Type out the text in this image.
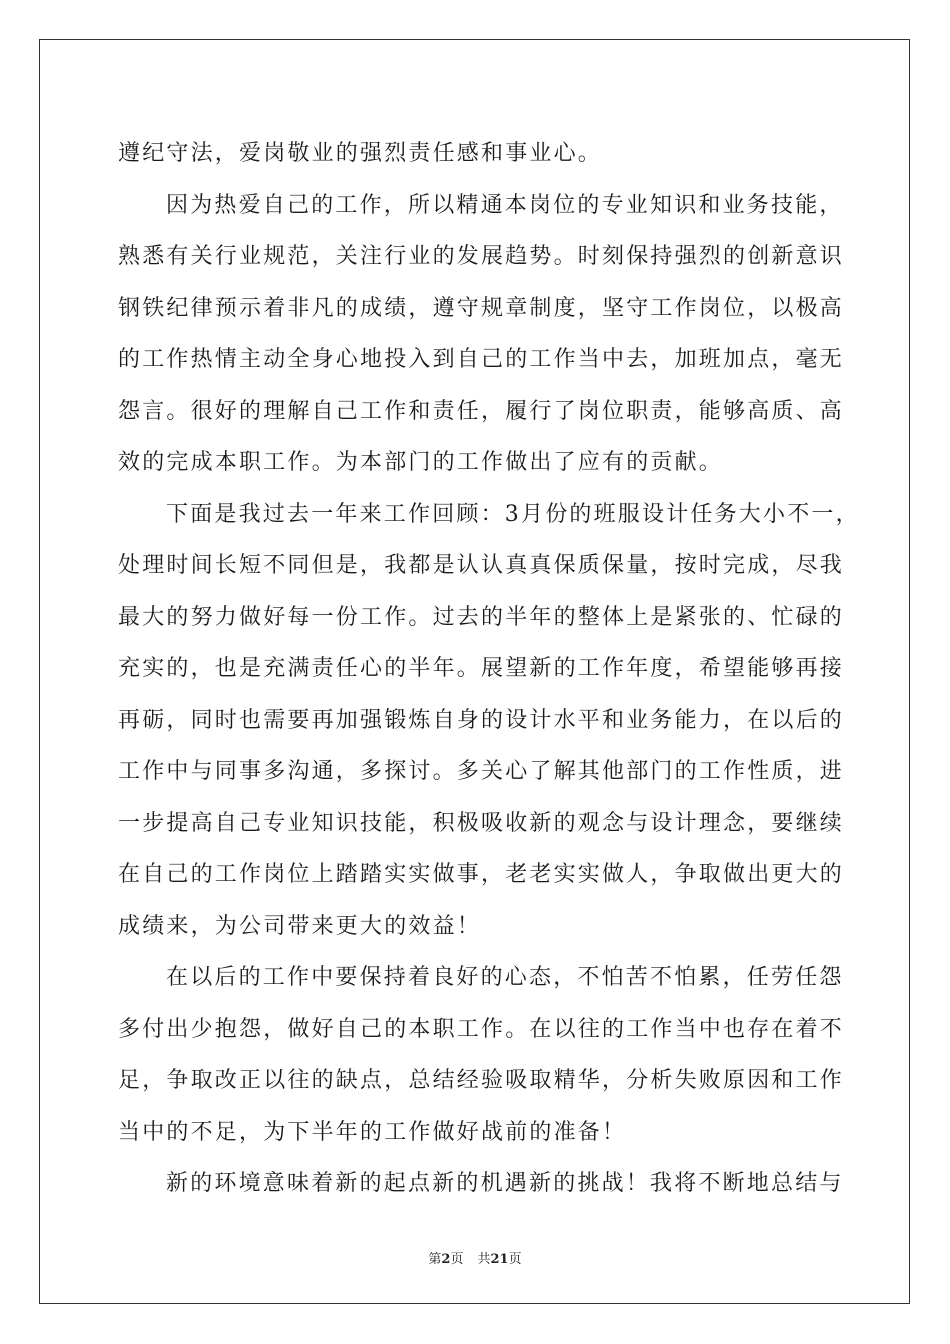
遵纪守法，爱岗敬业的强烈责任感和事业心。
因为热爱自己的工作，所以精通本岗位的专业知识和业务技能，
熟悉有关行业规范，关注行业的发展趋势。时刻保持强烈的创新意识
钢铁纪律预示着非凡的成绩，遵守规章制度，坚守工作岗位，以极高
的工作热情主动全身心地投入到自己的工作当中去，加班加点，毫无
怨言。很好的理解自己工作和责任，履行了岗位职责，能够高质、高
效的完成本职工作。为本部门的工作做出了应有的贡献。
下面是我过去一年来工作回顾：3月份的班服设计任务大小不一，
处理时间长短不同但是，我都是认认真真保质保量，按时完成，尽我
最大的努力做好每一份工作。过去的半年的整体上是紧张的、忙碌的
充实的，也是充满责任心的半年。展望新的工作年度，希望能够再接
再砺，同时也需要再加强锻炼自身的设计水平和业务能力，在以后的
工作中与同事多沟通，多探讨。多关心了解其他部门的工作性质，进
一步提高自己专业知识技能，积极吸收新的观念与设计理念，要继续
在自己的工作岗位上踏踏实实做事，老老实实做人，争取做出更大的
成绩来，为公司带来更大的效益！
在以后的工作中要保持着良好的心态，不怕苦不怕累，任劳任怨
多付出少抱怨，做好自己的本职工作。在以往的工作当中也存在着不
足，争取改正以往的缺点，总结经验吸取精华，分析失败原因和工作
当中的不足，为下半年的工作做好战前的准备！
新的环境意味着新的起点新的机遇新的挑战！我将不断地总结与
第2页 共21页
